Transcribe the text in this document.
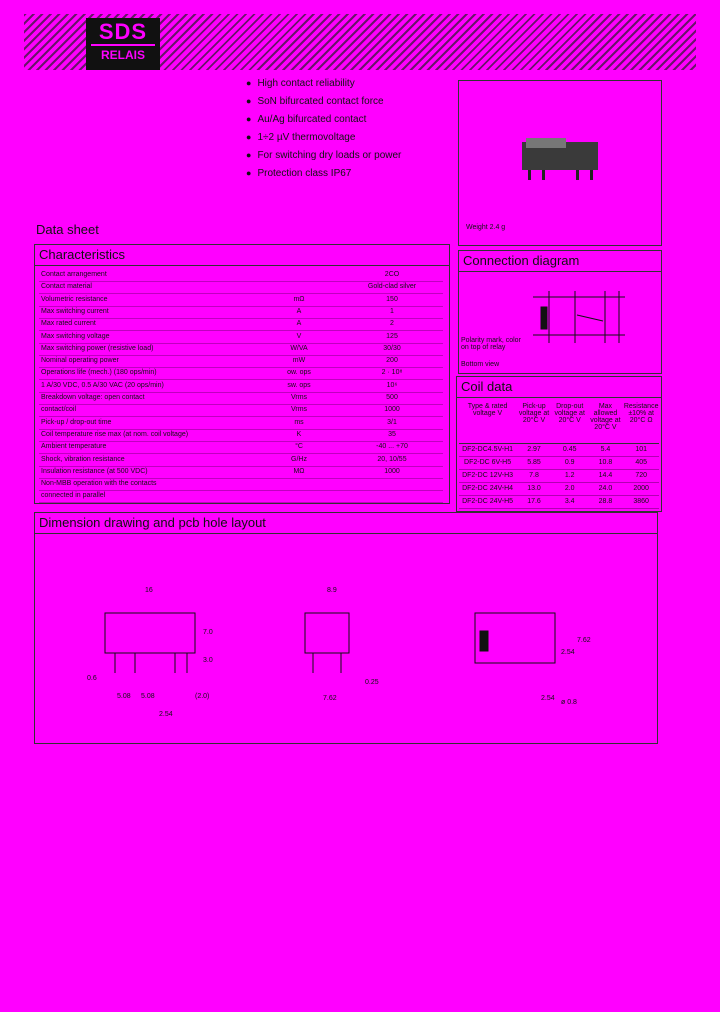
SDS
RELAIS
● High contact reliability
● SoN bifurcated contact force
● Au/Ag bifurcated contact
● 1÷2 µV thermovoltage
● For switching dry loads or power
● Protection class IP67
Weight 2.4 g
Data sheet
Characteristics
Contact arrangement	2CO
Contact material	Gold-clad silver
Volumetric resistance	mΩ	150
Max switching current	A	1
Max rated current	A	2
Max switching voltage	V	125
Max switching power (resistive load)	W/VA	30/30
Nominal operating power	mW	200
Operations life (mech.) (180 ops/min)	ow. ops	2 · 10⁸
1 A/30 VDC, 0.5 A/30 VAC (20 ops/min)	sw. ops	10⁶
Breakdown voltage: open contact	Vrms	500
contact/coil	Vrms	1000
Pick-up / drop-out time	ms	3/1
Coil temperature rise max (at nom. coil voltage)	K	35
Ambient temperature	°C	-40 ... +70
Shock, vibration resistance	G/Hz	20, 10/55
Insulation resistance (at 500 VDC)	MΩ	1000
Non-MBB operation with the contacts
connected in parallel
Connection diagram
Polarity mark, color on top of relay
Bottom view
Coil data
Type & rated voltage V
Pick-up voltage at 20°C V
Drop-out voltage at 20°C V
Max allowed voltage at 20°C V
Resistance ±10% at 20°C Ω
DF2-DC4.5V-H1	2.97	0.45	5.4	101
DF2-DC 6V-H5	5.85	0.9	10.8	405
DF2-DC 12V-H3	7.8	1.2	14.4	720
DF2-DC 24V-H4	13.0	2.0	24.0	2000
DF2-DC 24V-H5	17.6	3.4	28.8	3860
Dimension drawing and pcb hole layout
16
7.0
3.0
0.6
5.08 5.08	(2.0)
2.54
8.9
7.62
0.25
7.62
2.54
2.54
ø 0.8
